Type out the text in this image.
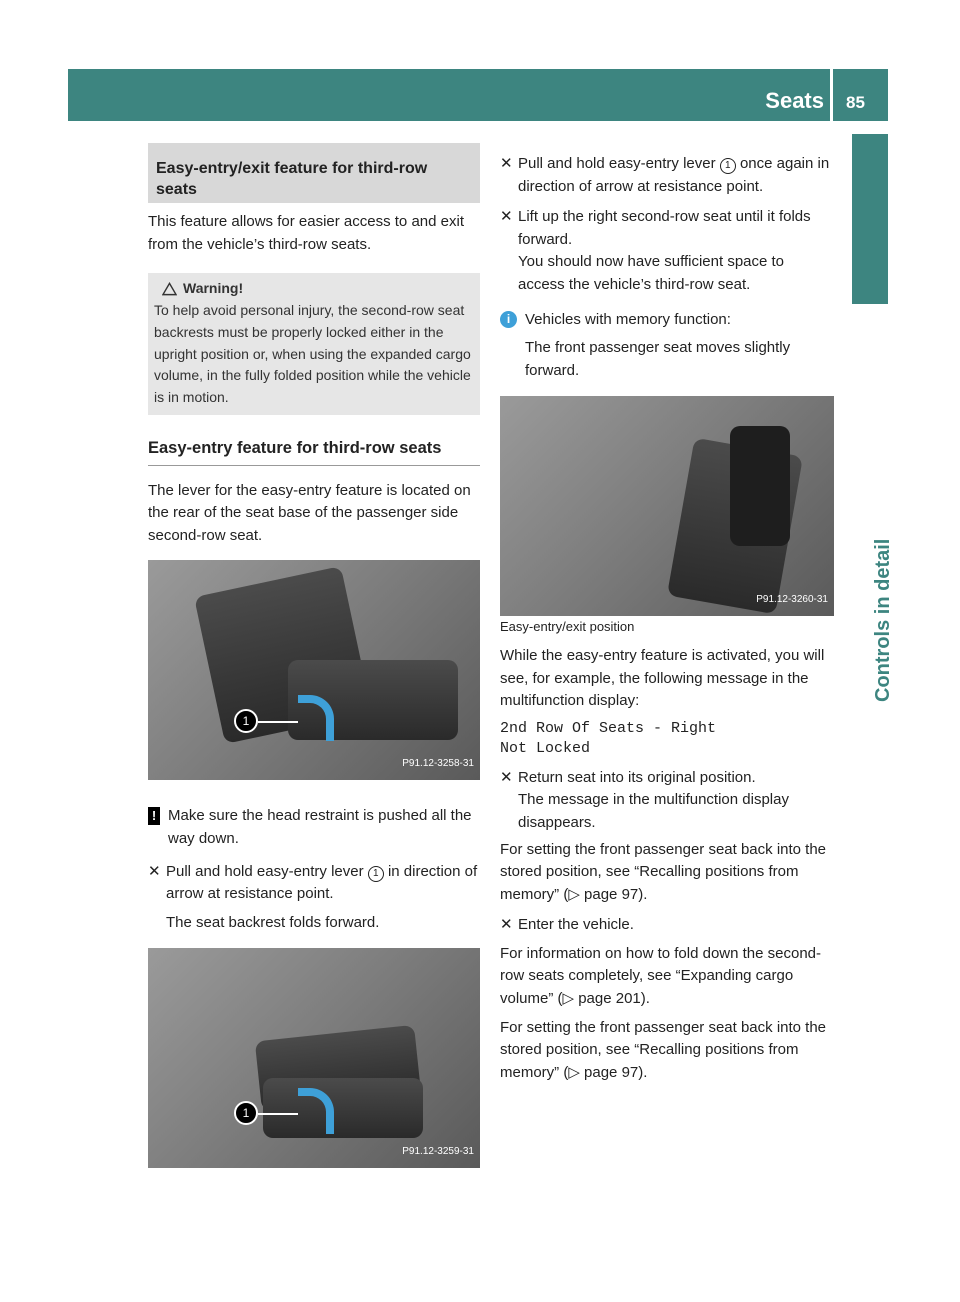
Seats 85
Controls in detail
Easy-entry/exit feature for third-row seats

This feature allows for easier access to and exit from the vehicle’s third-row seats.

Warning!
To help avoid personal injury, the second-row seat backrests must be properly locked either in the upright position or, when using the expanded cargo volume, in the fully folded position while the vehicle is in motion.
Easy-entry feature for third-row seats

The lever for the easy-entry feature is located on the rear of the seat base of the passenger side second-row seat.

1
P91.12-3258-31
! Make sure the head restraint is pushed all the way down.
✕ Pull and hold easy-entry lever 1 in direction of arrow at resistance point.

The seat backrest folds forward.

1
P91.12-3259-31
✕ Pull and hold easy-entry lever 1 once again in direction of arrow at resistance point.
✕ Lift up the right second-row seat until it folds forward.

You should now have sufficient space to access the vehicle’s third-row seat.

i Vehicles with memory function:
The front passenger seat moves slightly forward.
P91.12-3260-31

Easy-entry/exit position

While the easy-entry feature is activated, you will see, for example, the following message in the multifunction display:

2nd Row Of Seats - Right
Not Locked
✕ Return seat into its original position.

The message in the multifunction display disappears.

For setting the front passenger seat back into the stored position, see “Recalling positions from memory” (▷ page 97).

✕ Enter the vehicle.

For information on how to fold down the second-row seats completely, see “Expanding cargo volume” (▷ page 201).

For setting the front passenger seat back into the stored position, see “Recalling positions from memory” (▷ page 97).
